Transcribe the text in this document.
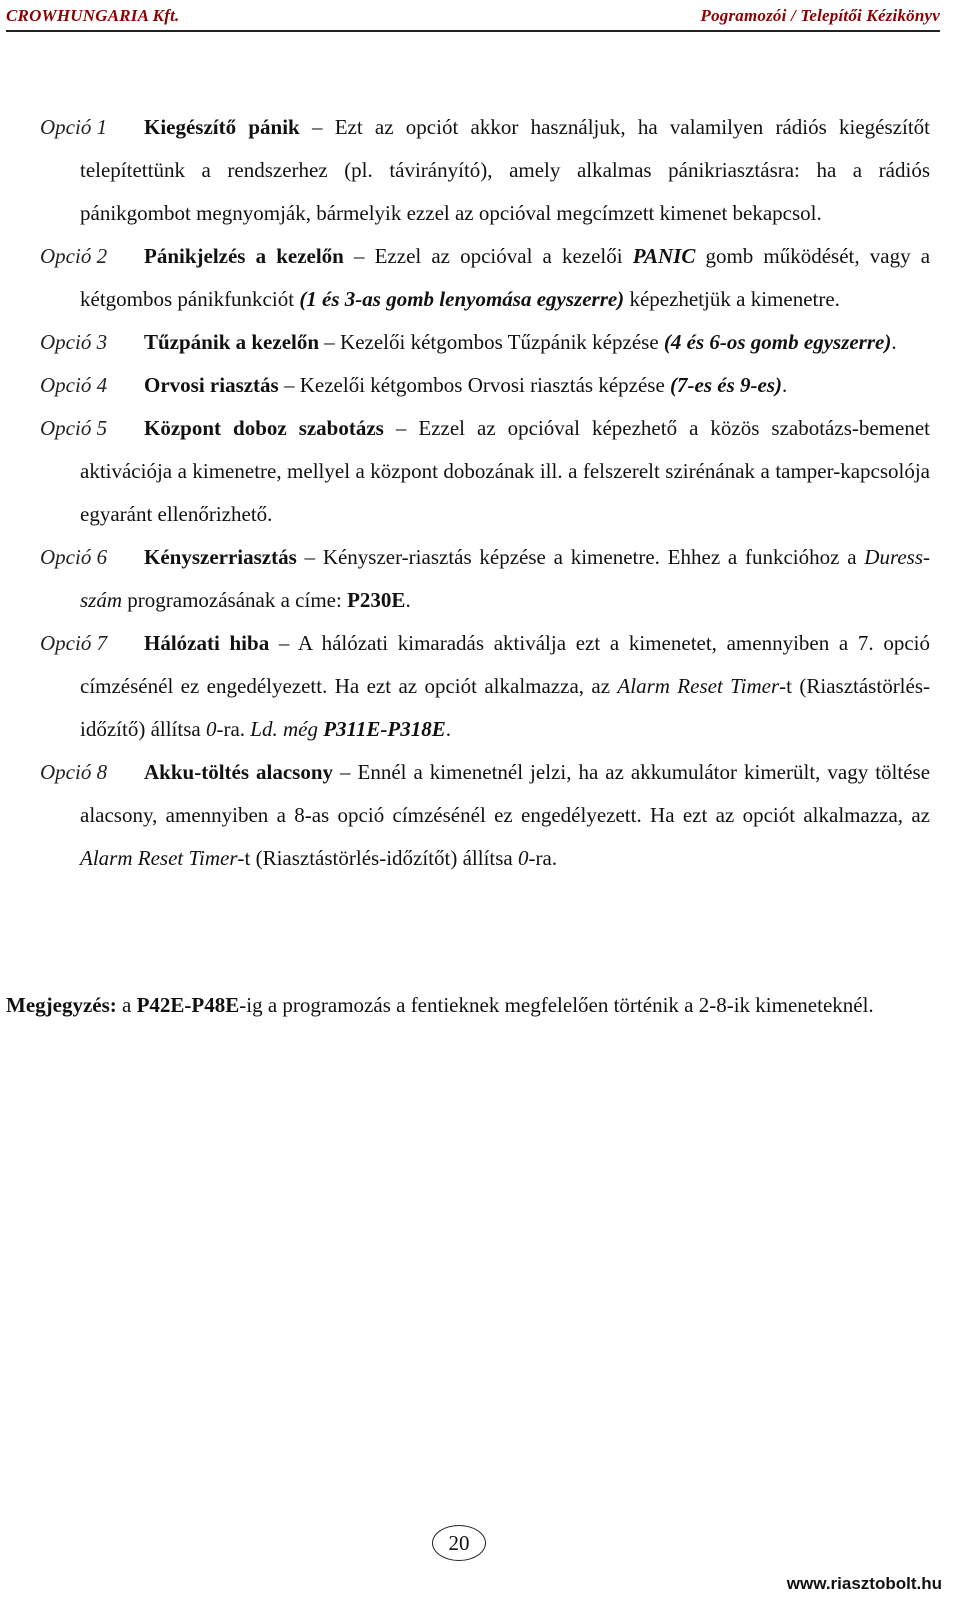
CROWHUNGARIA Kft.	Pogramozói / Telepítői Kézikönyv

Opció 1 Kiegészítő pánik – Ezt az opciót akkor használjuk, ha valamilyen rádiós kiegészítőt telepítettünk a rendszerhez (pl. távirányító), amely alkalmas pánikriasztásra: ha a rádiós pánikgombot megnyomják, bármelyik ezzel az opcióval megcímzett kimenet bekapcsol.

Opció 2 Pánikjelzés a kezelőn – Ezzel az opcióval a kezelői PANIC gomb működését, vagy a kétgombos pánikfunkciót (1 és 3-as gomb lenyomása egyszerre) képezhetjük a kimenetre.

Opció 3 Tűzpánik a kezelőn – Kezelői kétgombos Tűzpánik képzése (4 és 6-os gomb egyszerre).

Opció 4 Orvosi riasztás – Kezelői kétgombos Orvosi riasztás képzése (7-es és 9-es).

Opció 5 Központ doboz szabotázs – Ezzel az opcióval képezhető a közös szabotázs-bemenet aktivációja a kimenetre, mellyel a központ dobozának ill. a felszerelt szirénának a tamper-kapcsolója egyaránt ellenőrizhető.

Opció 6 Kényszerriasztás – Kényszer-riasztás képzése a kimenetre. Ehhez a funkcióhoz a Duress-szám programozásának a címe: P230E.

Opció 7 Hálózati hiba – A hálózati kimaradás aktiválja ezt a kimenetet, amennyiben a 7. opció címzésénél ez engedélyezett. Ha ezt az opciót alkalmazza, az Alarm Reset Timer-t (Riasztástörlés-időzítő) állítsa 0-ra. Ld. még P311E-P318E.

Opció 8 Akku-töltés alacsony – Ennél a kimenetnél jelzi, ha az akkumulátor kimerült, vagy töltése alacsony, amennyiben a 8-as opció címzésénél ez engedélyezett. Ha ezt az opciót alkalmazza, az Alarm Reset Timer-t (Riasztástörlés-időzítőt) állítsa 0-ra.

Megjegyzés: a P42E-P48E-ig a programozás a fentieknek megfelelően történik a 2-8-ik kimeneteknél.

20
www.riasztobolt.hu
